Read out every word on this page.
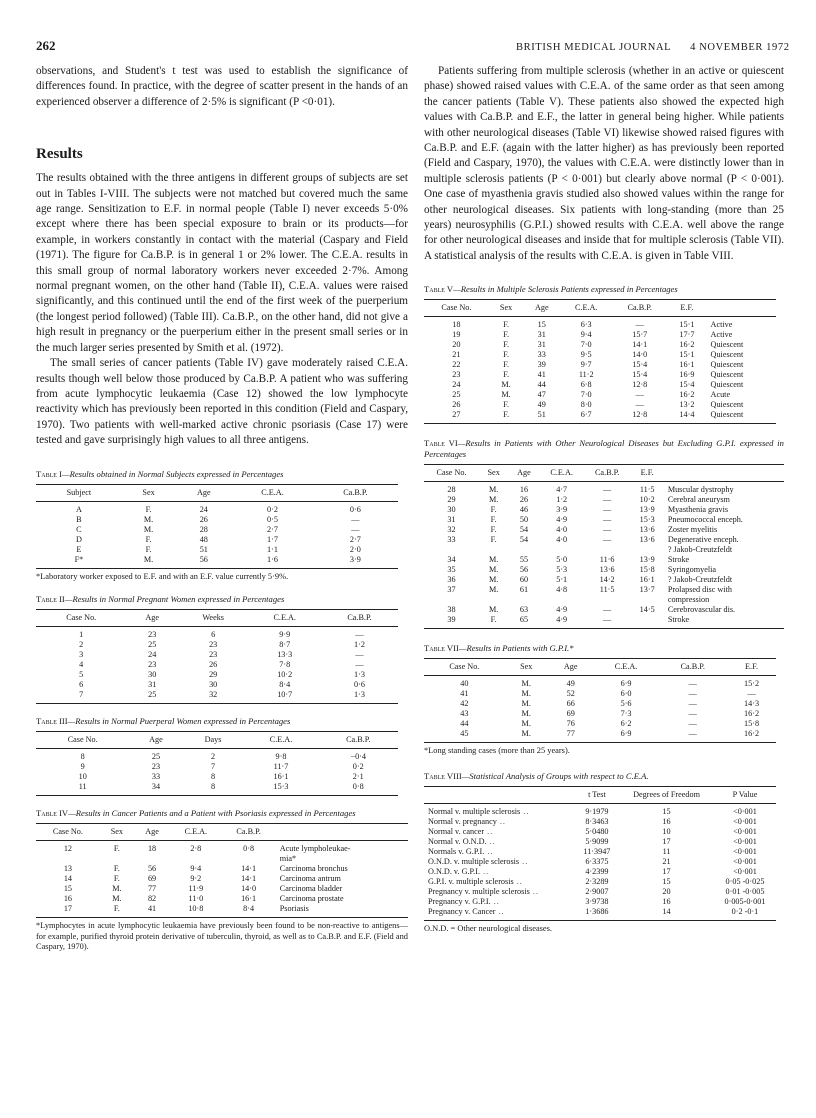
262	BRITISH MEDICAL JOURNAL 4 NOVEMBER 1972

observations, and Student's t test was used to establish the significance of differences found. In practice, with the degree of scatter present in the hands of an experienced observer a difference of 2·5% is significant (P <0·01).

Results

The results obtained with the three antigens in different groups of subjects are set out in Tables I-VIII. The subjects were not matched but covered much the same age range. Sensitization to E.F. in normal people (Table I) never exceeds 5·0% except where there has been special exposure to brain or its products—for example, in workers constantly in contact with the material (Caspary and Field (1971). The figure for Ca.B.P. is in general 1 or 2% lower. The C.E.A. results in this small group of normal laboratory workers never exceeded 2·7%. Among normal pregnant women, on the other hand (Table II), C.E.A. values were raised significantly, and this continued until the end of the first week of the puerperium (the longest period followed) (Table III). Ca.B.P., on the other hand, did not give a high result in pregnancy or the puerperium either in the present small series or in the much larger series presented by Smith et al. (1972).

The small series of cancer patients (Table IV) gave moderately raised C.E.A. results though well below those produced by Ca.B.P. A patient who was suffering from acute lymphocytic leukaemia (Case 12) showed the low lymphocyte reactivity which has previously been reported in this condition (Field and Caspary, 1970). Two patients with well-marked active chronic psoriasis (Case 17) were tested and gave surprisingly high values to all three antigens.

Table I—Results obtained in Normal Subjects expressed in Percentages

Subject	Sex	Age	C.E.A.	Ca.B.P.
A	F.	24	0·2	0·6
B	M.	26	0·5	—
C	M.	28	2·7	—
D	F.	48	1·7	2·7
E	F.	51	1·1	2·0
F*	M.	56	1·6	3·9

*Laboratory worker exposed to E.F. and with an E.F. value currently 5·9%.

Table II—Results in Normal Pregnant Women expressed in Percentages

Case No.	Age	Weeks	C.E.A.	Ca.B.P.
1	23	6	9·9	—
2	25	23	8·7	1·2
3	24	23	13·3	—
4	23	26	7·8	—
5	30	29	10·2	1·3
6	31	30	8·4	0·6
7	25	32	10·7	1·3

Table III—Results in Normal Puerperal Women expressed in Percentages

Case No.	Age	Days	C.E.A.	Ca.B.P.
8	25	2	9·8	−0·4
9	23	7	11·7	0·2
10	33	8	16·1	2·1
11	34	8	15·3	0·8

Table IV—Results in Cancer Patients and a Patient with Psoriasis expressed in Percentages

Case No.	Sex	Age	C.E.A.	Ca.B.P.	
12	F.	18	2·8	0·8	Acute lympholeukae-
					mia*
13	F.	56	9·4	14·1	Carcinoma bronchus
14	F.	69	9·2	14·1	Carcinoma antrum
15	M.	77	11·9	14·0	Carcinoma bladder
16	M.	82	11·0	16·1	Carcinoma prostate
17	F.	41	10·8	8·4	Psoriasis

*Lymphocytes in acute lymphocytic leukaemia have previously been found to be non-reactive to antigens—for example, purified thyroid protein derivative of tuberculin, thyroid, as well as to Ca.B.P. and E.F. (Field and Caspary, 1970).

Patients suffering from multiple sclerosis (whether in an active or quiescent phase) showed raised values with C.E.A. of the same order as that seen among the cancer patients (Table V). These patients also showed the expected high values with Ca.B.P. and E.F., the latter in general being higher. While patients with other neurological diseases (Table VI) likewise showed raised figures with Ca.B.P. and E.F. (again with the latter higher) as has previously been reported (Field and Caspary, 1970), the values with C.E.A. were distinctly lower than in multiple sclerosis patients (P < 0·001) but clearly above normal (P < 0·001). One case of myasthenia gravis studied also showed values within the range for other neurological diseases. Six patients with long-standing (more than 25 years) neurosyphilis (G.P.I.) showed results with C.E.A. well above the range for other neurological diseases and inside that for multiple sclerosis (Table VII). A statistical analysis of the results with C.E.A. is given in Table VIII.

Table V—Results in Multiple Sclerosis Patients expressed in Percentages

Case No.	Sex	Age	C.E.A.	Ca.B.P.	E.F.	
18	F.	15	6·3	—	15·1	Active
19	F.	31	9·4	15·7	17·7	Active
20	F.	31	7·0	14·1	16·2	Quiescent
21	F.	33	9·5	14·0	15·1	Quiescent
22	F.	39	9·7	15·4	16·1	Quiescent
23	F.	41	11·2	15·4	16·9	Quiescent
24	M.	44	6·8	12·8	15·4	Quiescent
25	M.	47	7·0	—	16·2	Acute
26	F.	49	8·0	—	13·2	Quiescent
27	F.	51	6·7	12·8	14·4	Quiescent

Table VI—Results in Patients with Other Neurological Diseases but Excluding G.P.I. expressed in Percentages

Case No.	Sex	Age	C.E.A.	Ca.B.P.	E.F.	
28	M.	16	4·7	—	11·5	Muscular dystrophy
29	M.	26	1·2	—	10·2	Cerebral aneurysm
30	F.	46	3·9	—	13·9	Myasthenia gravis
31	F.	50	4·9	—	15·3	Pneumococcal enceph.
32	F.	54	4·0	—	13·6	Zoster myelitis
33	F.	54	4·0	—	13·6	Degenerative enceph.
						? Jakob-Creutzfeldt
34	M.	55	5·0	11·6	13·9	Stroke
35	M.	56	5·3	13·6	15·8	Syringomyelia
36	M.	60	5·1	14·2	16·1	? Jakob-Creutzfeldt
37	M.	61	4·8	11·5	13·7	Prolapsed disc with
						compression
38	M.	63	4·9	—	14·5	Cerebrovascular dis.
39	F.	65	4·9	—		Stroke

Table VII—Results in Patients with G.P.I.*

Case No.	Sex	Age	C.E.A.	Ca.B.P.	E.F.
40	M.	49	6·9	—	15·2
41	M.	52	6·0	—	—
42	M.	66	5·6	—	14·3
43	M.	69	7·3	—	16·2
44	M.	76	6·2	—	15·8
45	M.	77	6·9	—	16·2

*Long standing cases (more than 25 years).

Table VIII—Statistical Analysis of Groups with respect to C.E.A.

	t Test	Degrees of Freedom	P Value
Normal v. multiple sclerosis ..	9·1979	15	<0·001
Normal v. pregnancy ..	8·3463	16	<0·001
Normal v. cancer ..	5·0480	10	<0·001
Normal v. O.N.D. ..	5·9099	17	<0·001
Normals v. G.P.I. ..	11·3947	11	<0·001
O.N.D. v. multiple sclerosis ..	6·3375	21	<0·001
O.N.D. v. G.P.I. ..	4·2399	17	<0·001
G.P.I. v. multiple sclerosis ..	2·3289	15	0·05 -0·025
Pregnancy v. multiple sclerosis ..	2·9007	20	0·01 -0·005
Pregnancy v. G.P.I. ..	3·9738	16	0·005-0·001
Pregnancy v. Cancer ..	1·3686	14	0·2 -0·1

O.N.D. = Other neurological diseases.
